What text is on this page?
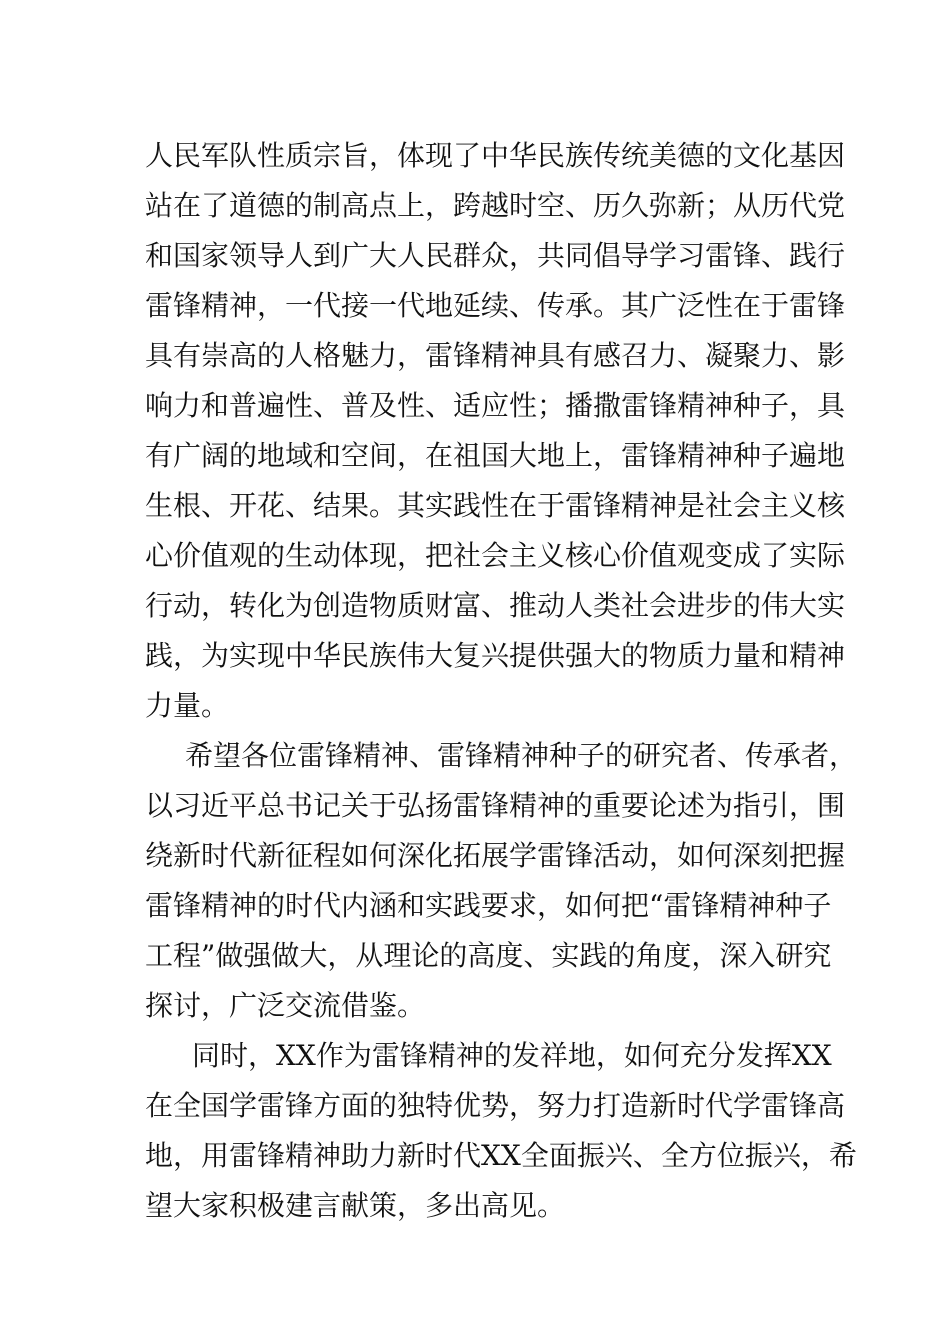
人民军队性质宗旨，体现了中华民族传统美德的文化基因

站在了道德的制高点上，跨越时空、历久弥新；从历代党

和国家领导人到广大人民群众，共同倡导学习雷锋、践行

雷锋精神，一代接一代地延续、传承。其广泛性在于雷锋

具有崇高的人格魅力，雷锋精神具有感召力、凝聚力、影

响力和普遍性、普及性、适应性；播撒雷锋精神种子，具

有广阔的地域和空间，在祖国大地上，雷锋精神种子遍地

生根、开花、结果。其实践性在于雷锋精神是社会主义核

心价值观的生动体现，把社会主义核心价值观变成了实际

行动，转化为创造物质财富、推动人类社会进步的伟大实

践，为实现中华民族伟大复兴提供强大的物质力量和精神

力量。

希望各位雷锋精神、雷锋精神种子的研究者、传承者，

以习近平总书记关于弘扬雷锋精神的重要论述为指引，围

绕新时代新征程如何深化拓展学雷锋活动，如何深刻把握

雷锋精神的时代内涵和实践要求，如何把“雷锋精神种子

工程”做强做大，从理论的高度、实践的角度，深入研究

探讨，广泛交流借鉴。

同时，XX作为雷锋精神的发祥地，如何充分发挥XX

在全国学雷锋方面的独特优势，努力打造新时代学雷锋高

地，用雷锋精神助力新时代XX全面振兴、全方位振兴，希

望大家积极建言献策，多出高见。
